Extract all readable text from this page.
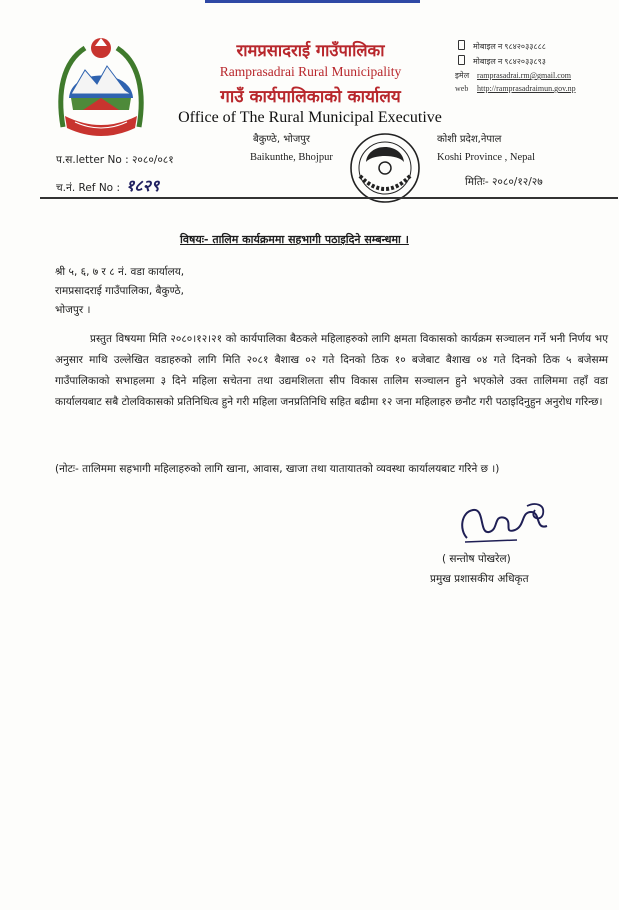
रामप्रसादराई गाउँपालिका
Ramprasadrai Rural Municipality
गाउँ कार्यपालिकाको कार्यालय
Office of The Rural Municipal Executive
मोबाइल न ९८४२०३३८८८
मोबाइल न ९८४२०३३८९३
इमेल ramprasadrai.rm@gmail.com
web http://ramprasadraimun.gov.np
बैकुण्ठे, भोजपुर
Baikunthe, Bhojpur
कोशी प्रदेश,नेपाल
Koshi Province , Nepal
प.स.letter No : २०८०/०८१
च.नं. Ref No : १८२९	मितिः- २०८०/१२/२७
विषयः- तालिम कार्यक्रममा सहभागी पठाइदिने सम्बन्धमा ।
श्री ५, ६, ७ र ८ नं. वडा कार्यालय,
रामप्रसादराई गाउँपालिका, बैकुण्ठे,
भोजपुर ।
प्रस्तुत विषयमा मिति २०८०।१२।२१ को कार्यपालिका बैठकले महिलाहरुको लागि क्षमता विकासको कार्यक्रम सञ्चालन गर्ने भनी निर्णय भए अनुसार माथि उल्लेखित वडाहरुको लागि मिति २०८१ बैशाख ०२ गते दिनको ठिक १० बजेबाट बैशाख ०४ गते दिनको ठिक ५ बजेसम्म गाउँपालिकाको सभाहलमा ३ दिने महिला सचेतना तथा उद्यमशिलता सीप विकास तालिम सञ्चालन हुने भएकोले उक्त तालिममा तहाँ वडा कार्यालयबाट सबै टोलविकासको प्रतिनिधित्व हुने गरी महिला जनप्रतिनिधि सहित बढीमा १२ जना महिलाहरु छनौट गरी पठाइदिनुहुन अनुरोध गरिन्छ।
(नोटः- तालिममा सहभागी महिलाहरुको लागि खाना, आवास, खाजा तथा यातायातको व्यवस्था कार्यालयबाट गरिने छ ।)
( सन्तोष पोखरेल)
प्रमुख प्रशासकीय अधिकृत
